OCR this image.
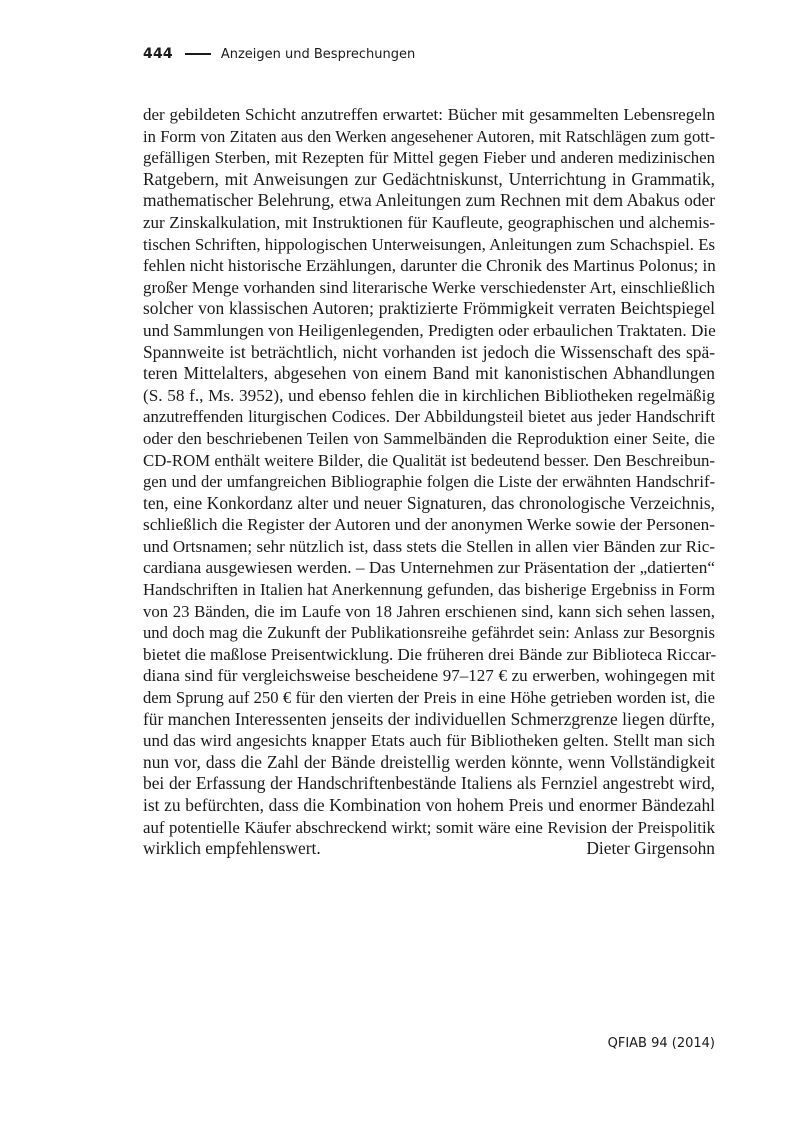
444	Anzeigen und Besprechungen
der gebildeten Schicht anzutreffen erwartet: Bücher mit gesammelten Lebensregeln
in Form von Zitaten aus den Werken angesehener Autoren, mit Ratschlägen zum gott-
gefälligen Sterben, mit Rezepten für Mittel gegen Fieber und anderen medizinischen
Ratgebern, mit Anweisungen zur Gedächtniskunst, Unterrichtung in Grammatik,
mathematischer Belehrung, etwa Anleitungen zum Rechnen mit dem Abakus oder
zur Zinskalkulation, mit Instruktionen für Kaufleute, geographischen und alchemis-
tischen Schriften, hippologischen Unterweisungen, Anleitungen zum Schachspiel. Es
fehlen nicht historische Erzählungen, darunter die Chronik des Martinus Polonus; in
großer Menge vorhanden sind literarische Werke verschiedenster Art, einschließlich
solcher von klassischen Autoren; praktizierte Frömmigkeit verraten Beichtspiegel
und Sammlungen von Heiligenlegenden, Predigten oder erbaulichen Traktaten. Die
Spannweite ist beträchtlich, nicht vorhanden ist jedoch die Wissenschaft des spä-
teren Mittelalters, abgesehen von einem Band mit kanonistischen Abhandlungen
(S. 58 f., Ms. 3952), und ebenso fehlen die in kirchlichen Bibliotheken regelmäßig
anzutreffenden liturgischen Codices. Der Abbildungsteil bietet aus jeder Handschrift
oder den beschriebenen Teilen von Sammelbänden die Reproduktion einer Seite, die
CD-ROM enthält weitere Bilder, die Qualität ist bedeutend besser. Den Beschreibun-
gen und der umfangreichen Bibliographie folgen die Liste der erwähnten Handschrif-
ten, eine Konkordanz alter und neuer Signaturen, das chronologische Verzeichnis,
schließlich die Register der Autoren und der anonymen Werke sowie der Personen-
und Ortsnamen; sehr nützlich ist, dass stets die Stellen in allen vier Bänden zur Ric-
cardiana ausgewiesen werden. – Das Unternehmen zur Präsentation der „datierten“
Handschriften in Italien hat Anerkennung gefunden, das bisherige Ergebniss in Form
von 23 Bänden, die im Laufe von 18 Jahren erschienen sind, kann sich sehen lassen,
und doch mag die Zukunft der Publikationsreihe gefährdet sein: Anlass zur Besorgnis
bietet die maßlose Preisentwicklung. Die früheren drei Bände zur Biblioteca Riccar-
diana sind für vergleichsweise bescheidene 97–127 € zu erwerben, wohingegen mit
dem Sprung auf 250 € für den vierten der Preis in eine Höhe getrieben worden ist, die
für manchen Interessenten jenseits der individuellen Schmerzgrenze liegen dürfte,
und das wird angesichts knapper Etats auch für Bibliotheken gelten. Stellt man sich
nun vor, dass die Zahl der Bände dreistellig werden könnte, wenn Vollständigkeit
bei der Erfassung der Handschriftenbestände Italiens als Fernziel angestrebt wird,
ist zu befürchten, dass die Kombination von hohem Preis und enormer Bändezahl
auf potentielle Käufer abschreckend wirkt; somit wäre eine Revision der Preispolitik
wirklich empfehlenswert.	Dieter Girgensohn
QFIAB 94 (2014)
